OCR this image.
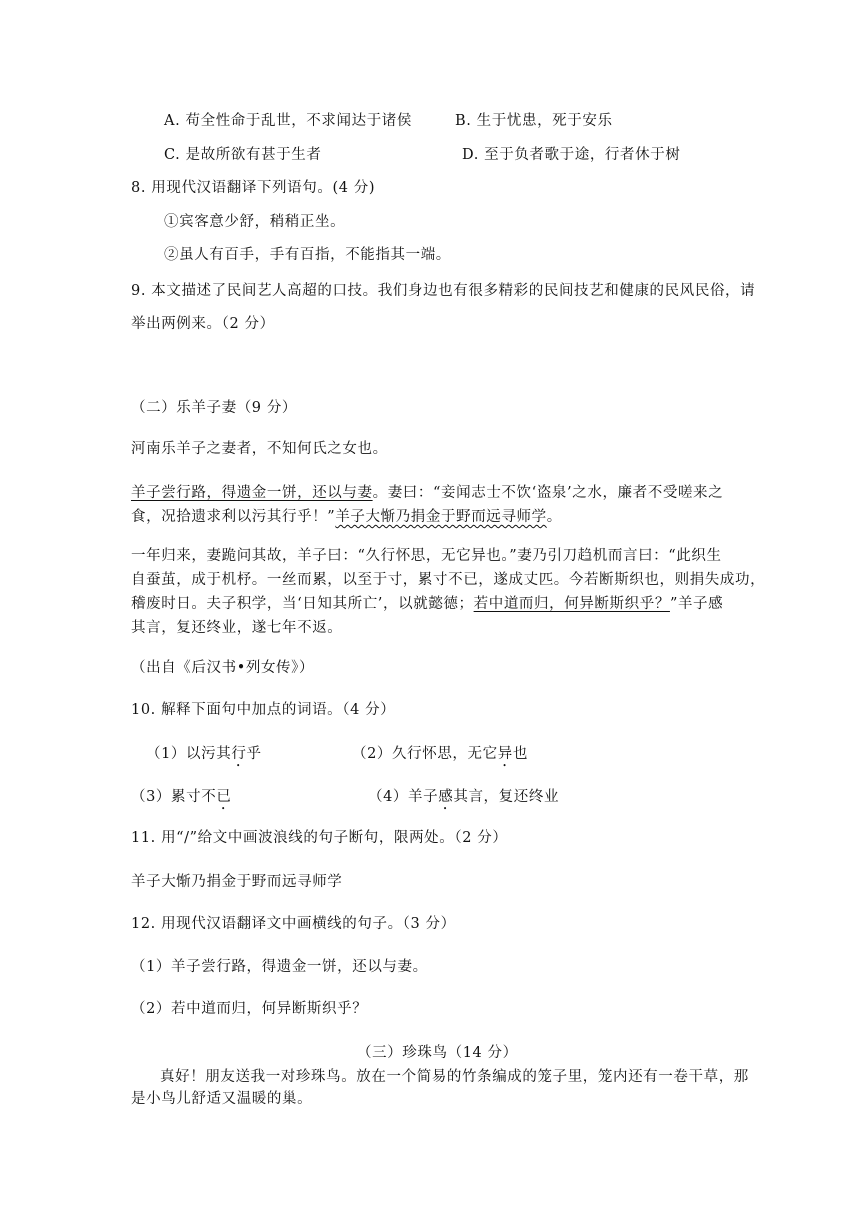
A. 苟全性命于乱世，不求闻达于诸侯	B. 生于忧患，死于安乐
C. 是故所欲有甚于生者	D. 至于负者歌于途，行者休于树
8. 用现代汉语翻译下列语句。(4 分)
①宾客意少舒，稍稍正坐。
②虽人有百手，手有百指，不能指其一端。
9. 本文描述了民间艺人高超的口技。我们身边也有很多精彩的民间技艺和健康的民风民俗，请
举出两例来。（2 分）
（二）乐羊子妻（9 分）
河南乐羊子之妻者，不知何氏之女也。
羊子尝行路，得遗金一饼，还以与妻。妻曰：“妾闻志士不饮‘盗泉’之水，廉者不受嗟来之
食，况拾遗求利以污其行乎！”羊子大惭乃捐金于野而远寻师学。
一年归来，妻跪问其故，羊子曰：“久行怀思，无它异也。”妻乃引刀趋机而言曰：“此织生
自蚕茧，成于机杼。一丝而累，以至于寸，累寸不已，遂成丈匹。今若断斯织也，则捐失成功，
稽废时日。夫子积学，当‘日知其所亡’，以就懿德；若中道而归，何异断斯织乎？”羊子感
其言，复还终业，遂七年不返。
（出自《后汉书•列女传》）
10. 解释下面句中加点的词语。（4 分）
（1）以污其行乎	（2）久行怀思，无它异也
（3）累寸不已	（4）羊子感其言，复还终业
11. 用“/”给文中画波浪线的句子断句，限两处。（2 分）
羊子大惭乃捐金于野而远寻师学
12. 用现代汉语翻译文中画横线的句子。（3 分）
（1）羊子尝行路，得遗金一饼，还以与妻。
（2）若中道而归，何异断斯织乎？
（三）珍珠鸟（14 分）
真好！朋友送我一对珍珠鸟。放在一个简易的竹条编成的笼子里，笼内还有一卷干草，那
是小鸟儿舒适又温暖的巢。
